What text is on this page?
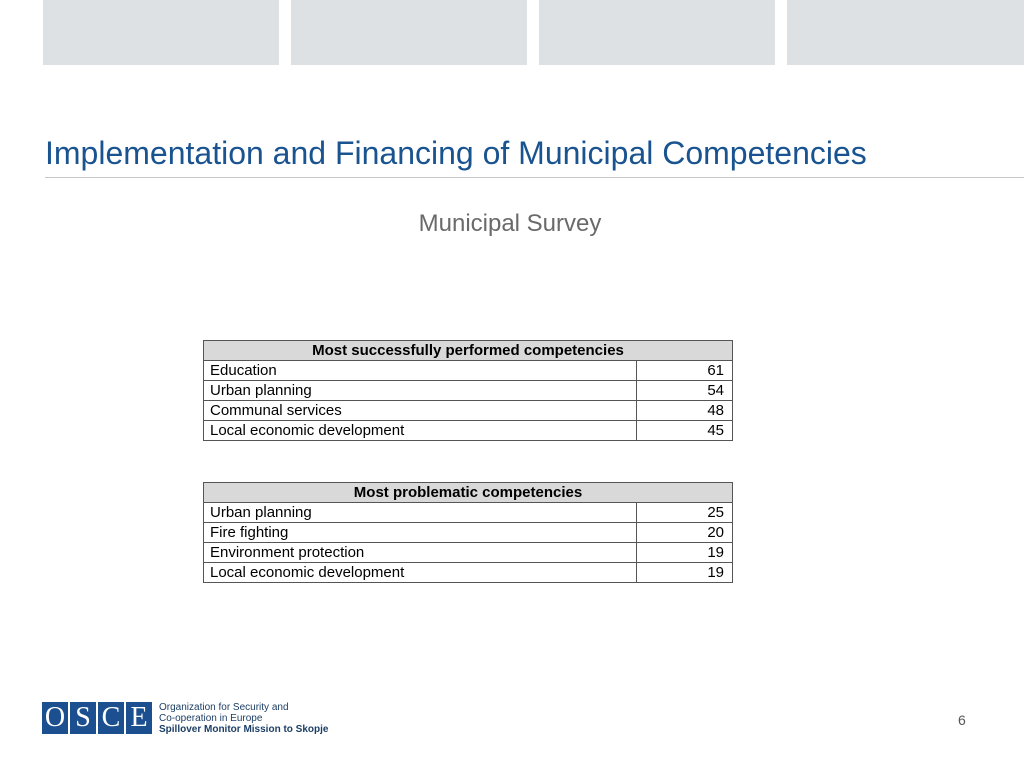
Implementation and Financing of Municipal Competencies
Municipal Survey
Most successfully performed competencies	
Education	61
Urban planning	54
Communal services	48
Local economic development	45
Most problematic competencies	
Urban planning	25
Fire fighting	20
Environment protection	19
Local economic development	19
O S C E	Organization for Security and
Co-operation in Europe
Spillover Monitor Mission to Skopje
6
